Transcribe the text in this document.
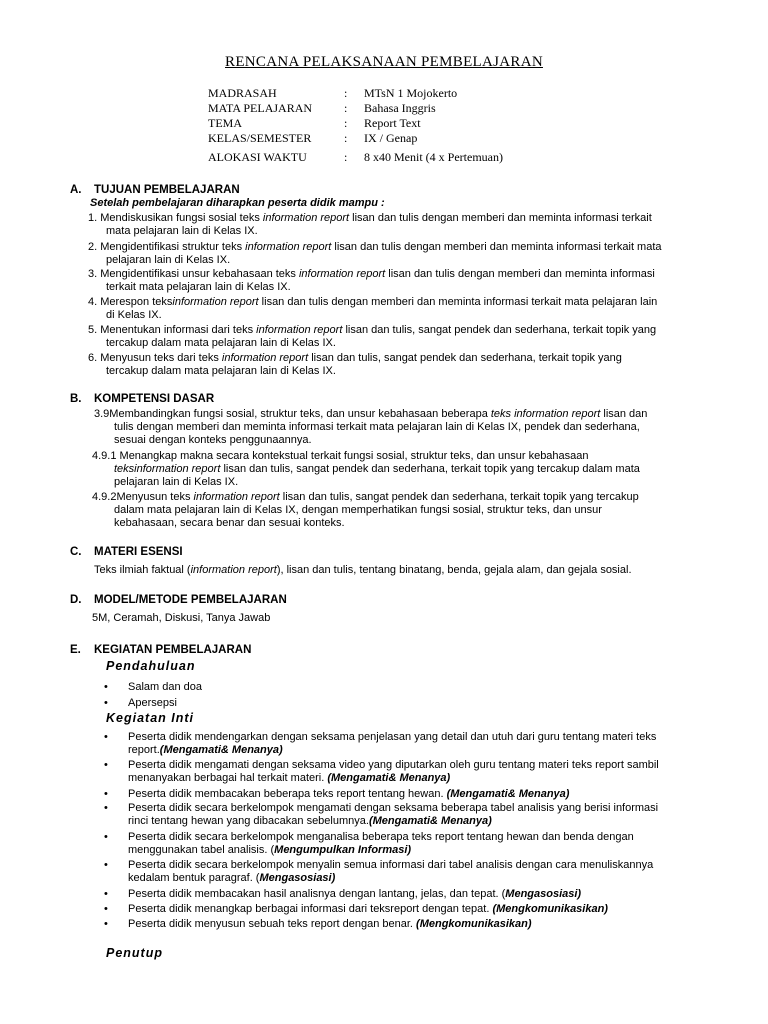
RENCANA PELAKSANAAN PEMBELAJARAN
MADRASAH	: MTsN 1 Mojokerto
MATA PELAJARAN	: Bahasa Inggris
TEMA	: Report Text
KELAS/SEMESTER	: IX / Genap
ALOKASI WAKTU	: 8 x40 Menit (4 x Pertemuan)
A. TUJUAN PEMBELAJARAN
Setelah pembelajaran diharapkan peserta didik mampu :
1. Mendiskusikan fungsi sosial teks information report lisan dan tulis dengan memberi dan meminta informasi terkait
mata pelajaran lain di Kelas IX.
2. Mengidentifikasi struktur teks information report lisan dan tulis dengan memberi dan meminta informasi terkait mata
pelajaran lain di Kelas IX.
3. Mengidentifikasi unsur kebahasaan teks information report lisan dan tulis dengan memberi dan meminta informasi
terkait mata pelajaran lain di Kelas IX.
4. Merespon teksinformation report lisan dan tulis dengan memberi dan meminta informasi terkait mata pelajaran lain
di Kelas IX.
5. Menentukan informasi dari teks information report lisan dan tulis, sangat pendek dan sederhana, terkait topik yang
tercakup dalam mata pelajaran lain di Kelas IX.
6. Menyusun teks dari teks information report lisan dan tulis, sangat pendek dan sederhana, terkait topik yang
tercakup dalam mata pelajaran lain di Kelas IX.
B. KOMPETENSI DASAR
3.9Membandingkan fungsi sosial, struktur teks, dan unsur kebahasaan beberapa teks information report lisan dan
tulis dengan memberi dan meminta informasi terkait mata pelajaran lain di Kelas IX, pendek dan sederhana,
sesuai dengan konteks penggunaannya.
4.9.1 Menangkap makna secara kontekstual terkait fungsi sosial, struktur teks, dan unsur kebahasaan
teksinformation report lisan dan tulis, sangat pendek dan sederhana, terkait topik yang tercakup dalam mata
pelajaran lain di Kelas IX.
4.9.2Menyusun teks information report lisan dan tulis, sangat pendek dan sederhana, terkait topik yang tercakup
dalam mata pelajaran lain di Kelas IX, dengan memperhatikan fungsi sosial, struktur teks, dan unsur
kebahasaan, secara benar dan sesuai konteks.
C. MATERI ESENSI
Teks ilmiah faktual (information report), lisan dan tulis, tentang binatang, benda, gejala alam, dan gejala sosial.
D. MODEL/METODE PEMBELAJARAN
5M, Ceramah, Diskusi, Tanya Jawab
E. KEGIATAN PEMBELAJARAN
Pendahuluan
• Salam dan doa
• Apersepsi
Kegiatan Inti
• Peserta didik mendengarkan dengan seksama penjelasan yang detail dan utuh dari guru tentang materi teks
report.(Mengamati& Menanya)
• Peserta didik mengamati dengan seksama video yang diputarkan oleh guru tentang materi teks report sambil
menanyakan berbagai hal terkait materi. (Mengamati& Menanya)
• Peserta didik membacakan beberapa teks report tentang hewan. (Mengamati& Menanya)
• Peserta didik secara berkelompok mengamati dengan seksama beberapa tabel analisis yang berisi informasi
rinci tentang hewan yang dibacakan sebelumnya.(Mengamati& Menanya)
• Peserta didik secara berkelompok menganalisa beberapa teks report tentang hewan dan benda dengan
menggunakan tabel analisis. (Mengumpulkan Informasi)
• Peserta didik secara berkelompok menyalin semua informasi dari tabel analisis dengan cara menuliskannya
kedalam bentuk paragraf. (Mengasosiasi)
• Peserta didik membacakan hasil analisnya dengan lantang, jelas, dan tepat. (Mengasosiasi)
• Peserta didik menangkap berbagai informasi dari teksreport dengan tepat. (Mengkomunikasikan)
• Peserta didik menyusun sebuah teks report dengan benar. (Mengkomunikasikan)
Penutup
